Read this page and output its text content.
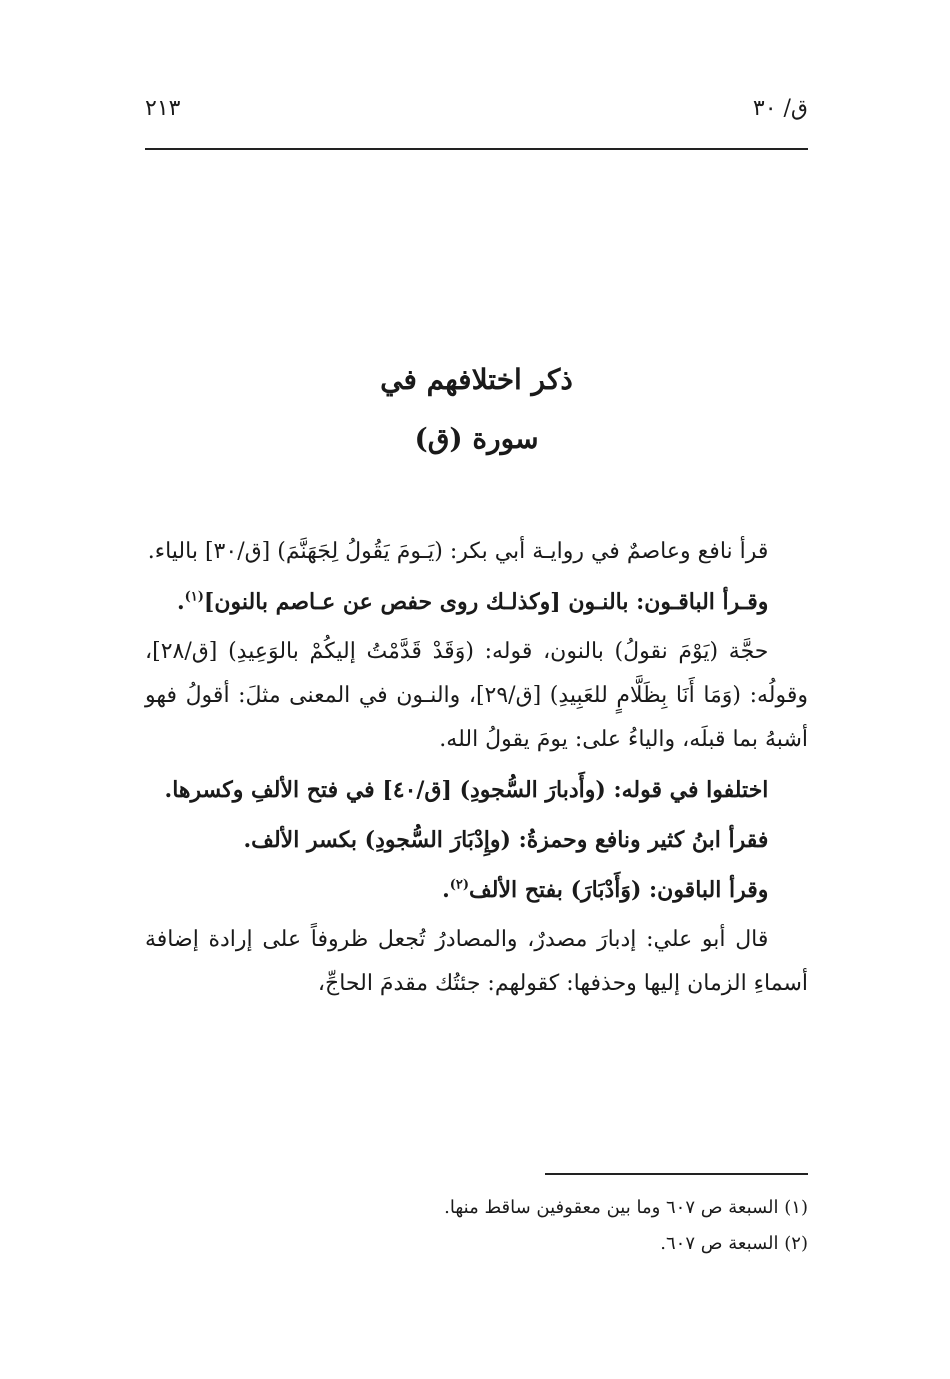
ق/ ٣٠
٢١٣
ذكر اختلافهم في
سورة (ق)

قرأ نافع وعاصمٌ في روايـة أبي بكر: (يَـومَ يَقُولُ لِجَهَنَّمَ) [ق/٣٠] بالياء.

وقـرأ الباقـون: بالنـون [وكذلـك روى حفص عن عـاصم بالنون]$^{(١)}$.

حجَّة (يَوْمَ نقولُ) بالنون، قوله: (وَقَدْ قَدَّمْتُ إليكُمْ بالوَعِيدِ) [ق/٢٨]، وقولُه: (وَمَا أَنَا بِظَلَّامٍ للعَبِيدِ) [ق/٢٩]، والنـون في المعنى مثلَ: أقولُ فهو أشبهُ بما قبلَه، والياءُ على: يومَ يقولُ الله.

اختلفوا في قوله: (وأَدبارَ السُّجودِ) [ق/٤٠] في فتح الألفِ وكسرها.

فقرأ ابنُ كثير ونافع وحمزةُ: (وإِدْبَارَ السُّجودِ) بكسر الألف.

وقرأ الباقون: (وَأَدْبَارَ) بفتح الألف$^{(٢)}$.

قال أبو علي: إدبارَ مصدرٌ، والمصادرُ تُجعل ظروفاً على إرادة إضافة أسماءِ الزمان إليها وحذفها: كقولهم: جئتُك مقدمَ الحاجِّ،

(١) السبعة ص ٦٠٧ وما بين معقوفين ساقط منها.
(٢) السبعة ص ٦٠٧.
